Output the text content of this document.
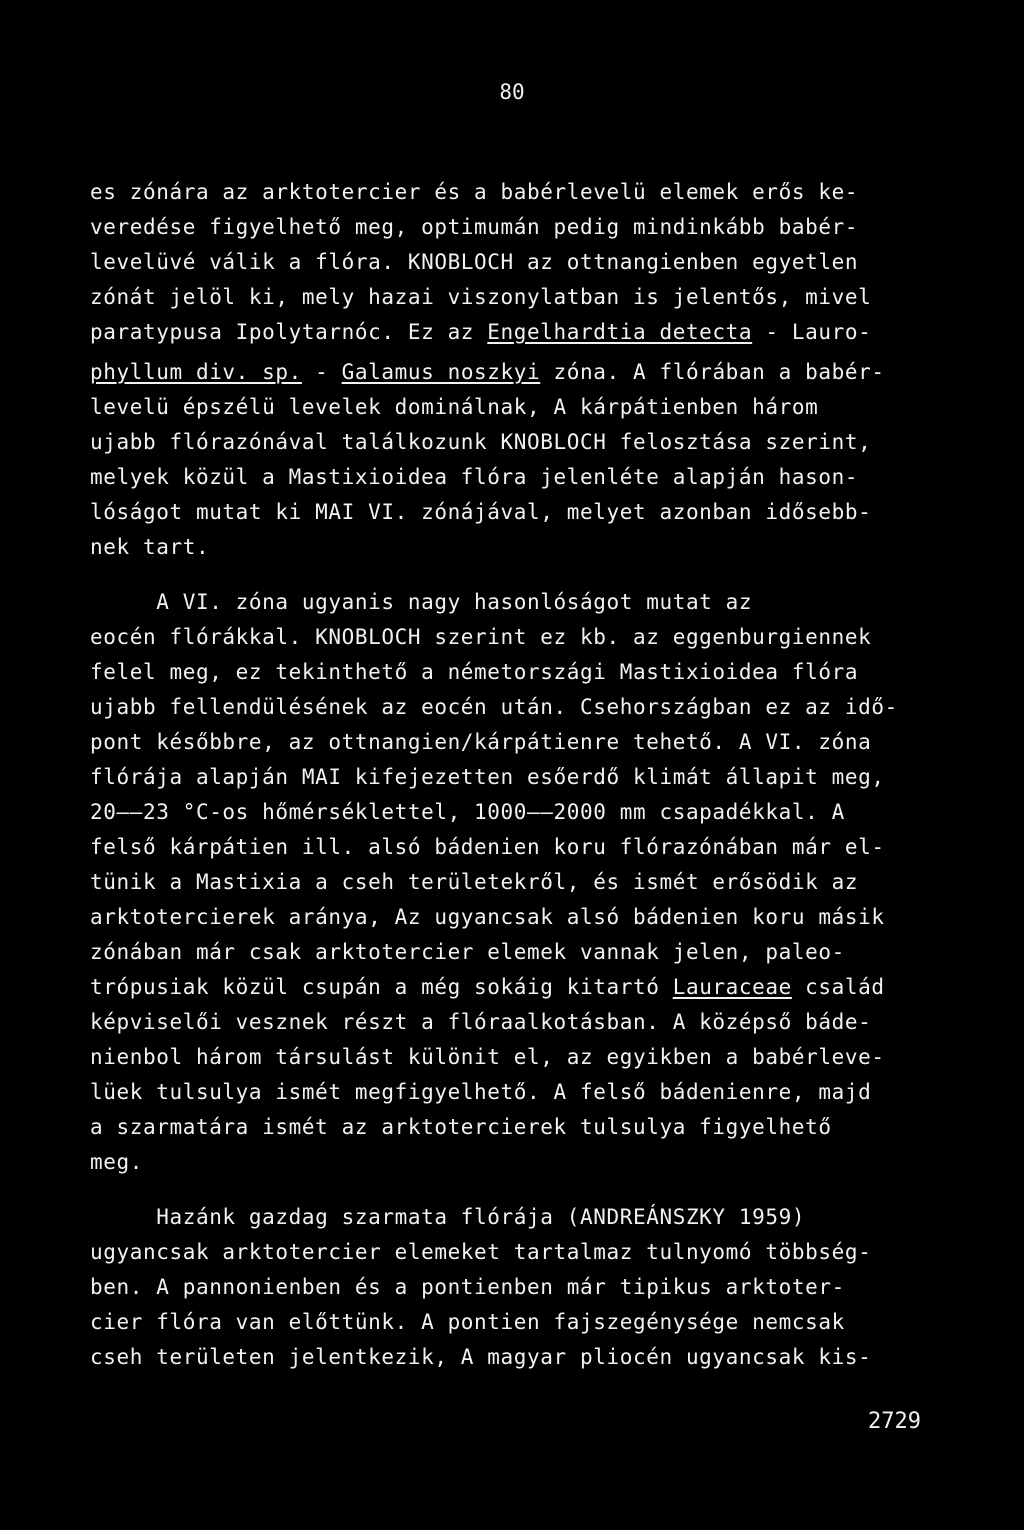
80
es zónára az arktotercier és a babérlevelü elemek erős ke-
veredése figyelhető meg, optimumán pedig mindinkább babér-
levelüvé válik a flóra. KNOBLOCH az ottnangienben egyetlen
zónát jelöl ki, mely hazai viszonylatban is jelentős, mivel
paratypusa Ipolytarnóc. Ez az Engelhardtia detecta - Lauro-
phyllum div. sp. - Galamus noszkyi zóna. A flórában a babér-
levelü épszélü levelek dominálnak, A kárpátienben három
ujabb flórazónával találkozunk KNOBLOCH felosztása szerint,
melyek közül a Mastixioidea flóra jelenléte alapján hason-
lóságot mutat ki MAI VI. zónájával, melyet azonban idősebb-
nek tart.
A VI. zóna ugyanis nagy hasonlóságot mutat az
eocén flórákkal. KNOBLOCH szerint ez kb. az eggenburgiennek
felel meg, ez tekinthető a németországi Mastixioidea flóra
ujabb fellendülésének az eocén után. Csehországban ez az idő-
pont későbbre, az ottnangien/kárpátienre tehető. A VI. zóna
flórája alapján MAI kifejezetten esőerdő klimát állapit meg,
20——23 °C-os hőmérséklettel, 1000——2000 mm csapadékkal. A
felső kárpátien ill. alsó bádenien koru flórazónában már el-
tünik a Mastixia a cseh területekről, és ismét erősödik az
arktotercierek aránya, Az ugyancsak alsó bádenien koru másik
zónában már csak arktotercier elemek vannak jelen, paleo-
trópusiak közül csupán a még sokáig kitartó Lauraceae család
képviselői vesznek részt a flóraalkotásban. A középső báde-
nienbol három társulást különit el, az egyikben a babérleve-
lüek tulsulya ismét megfigyelhető. A felső bádenienre, majd
a szarmatára ismét az arktotercierek tulsulya figyelhető
meg.
Hazánk gazdag szarmata flórája (ANDREÁNSZKY 1959)
ugyancsak arktotercier elemeket tartalmaz tulnyomó többség-
ben. A pannonienben és a pontienben már tipikus arktoter-
cier flóra van előttünk. A pontien fajszegénysége nemcsak
cseh területen jelentkezik, A magyar pliocén ugyancsak kis-
2729
